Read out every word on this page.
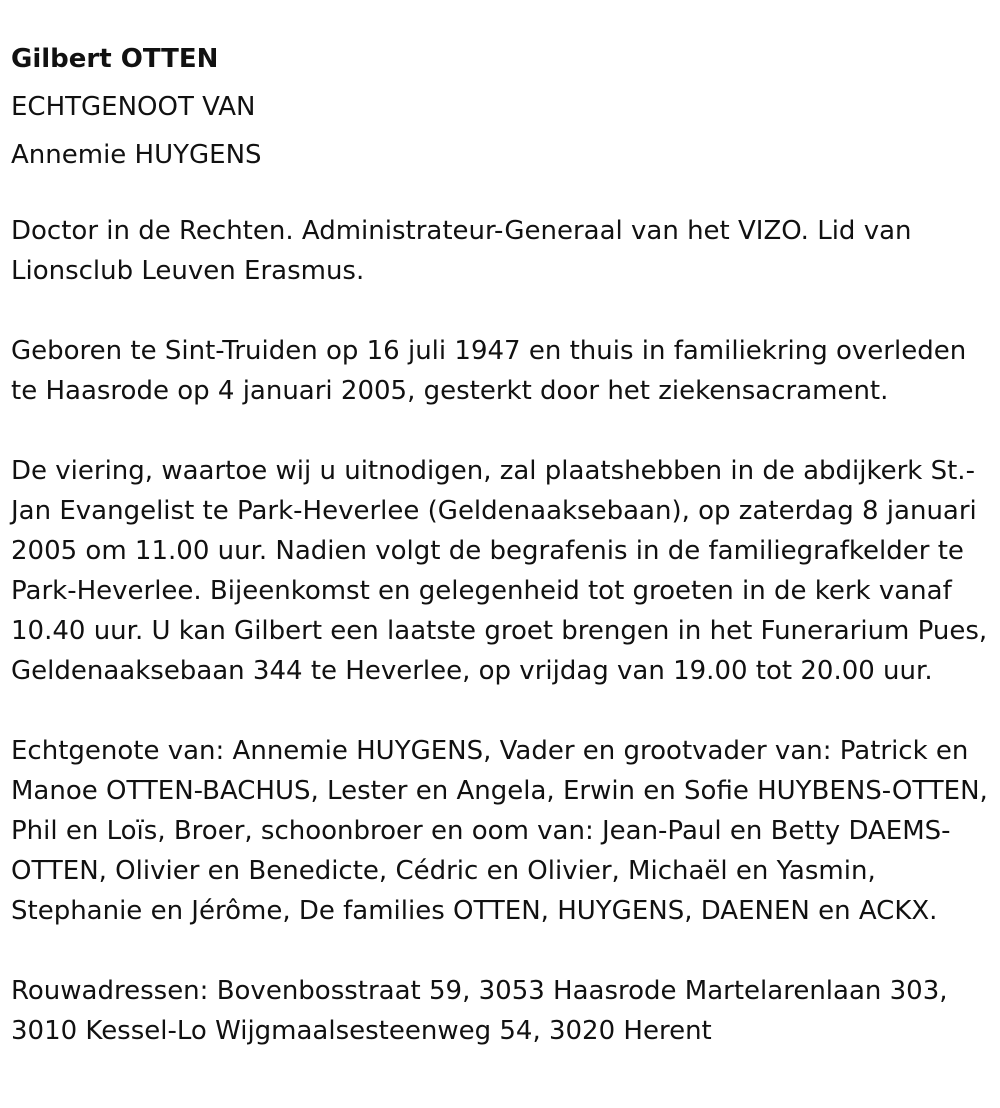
Gilbert OTTEN
ECHTGENOOT VAN
Annemie HUYGENS

Doctor in de Rechten. Administrateur-Generaal van het VIZO. Lid van Lionsclub Leuven Erasmus.

Geboren te Sint-Truiden op 16 juli 1947 en thuis in familiekring overleden te Haasrode op 4 januari 2005, gesterkt door het ziekensacrament.

De viering, waartoe wij u uitnodigen, zal plaatshebben in de abdijkerk St.-Jan Evangelist te Park-Heverlee (Geldenaaksebaan), op zaterdag 8 januari 2005 om 11.00 uur. Nadien volgt de begrafenis in de familiegrafkelder te Park-Heverlee. Bijeenkomst en gelegenheid tot groeten in de kerk vanaf 10.40 uur. U kan Gilbert een laatste groet brengen in het Funerarium Pues, Geldenaaksebaan 344 te Heverlee, op vrijdag van 19.00 tot 20.00 uur.

Echtgenote van: Annemie HUYGENS, Vader en grootvader van: Patrick en Manoe OTTEN-BACHUS, Lester en Angela, Erwin en Sofie HUYBENS-OTTEN, Phil en Loïs, Broer, schoonbroer en oom van: Jean-Paul en Betty DAEMS-OTTEN, Olivier en Benedicte, Cédric en Olivier, Michaël en Yasmin, Stephanie en Jérôme, De families OTTEN, HUYGENS, DAENEN en ACKX.

Rouwadressen: Bovenbosstraat 59, 3053 Haasrode Martelarenlaan 303, 3010 Kessel-Lo Wijgmaalsesteenweg 54, 3020 Herent
